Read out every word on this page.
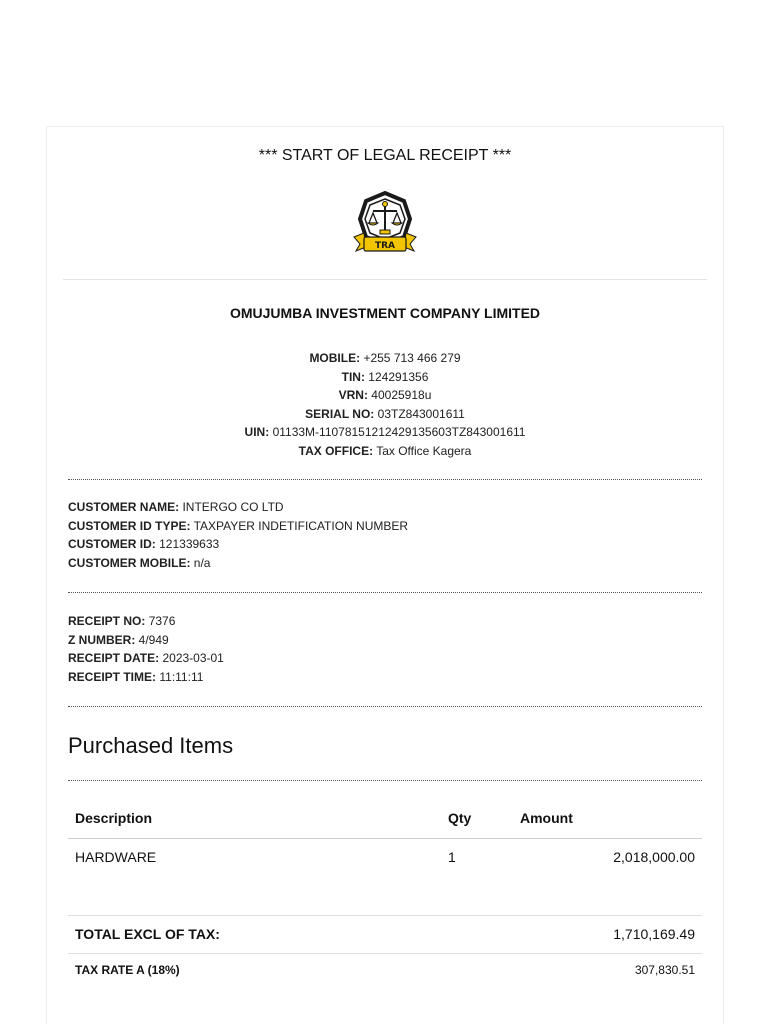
*** START OF LEGAL RECEIPT ***
TRA
OMUJUMBA INVESTMENT COMPANY LIMITED
MOBILE: +255 713 466 279
TIN: 124291356
VRN: 40025918u
SERIAL NO: 03TZ843001611
UIN: 01133M-11078151212429135603TZ843001611
TAX OFFICE: Tax Office Kagera
CUSTOMER NAME: INTERGO CO LTD
CUSTOMER ID TYPE: TAXPAYER INDETIFICATION NUMBER
CUSTOMER ID: 121339633
CUSTOMER MOBILE: n/a
RECEIPT NO: 7376
Z NUMBER: 4/949
RECEIPT DATE: 2023-03-01
RECEIPT TIME: 11:11:11
Purchased Items
Description	Qty	Amount
HARDWARE	1	2,018,000.00
TOTAL EXCL OF TAX:	1,710,169.49
TAX RATE A (18%)	307,830.51
